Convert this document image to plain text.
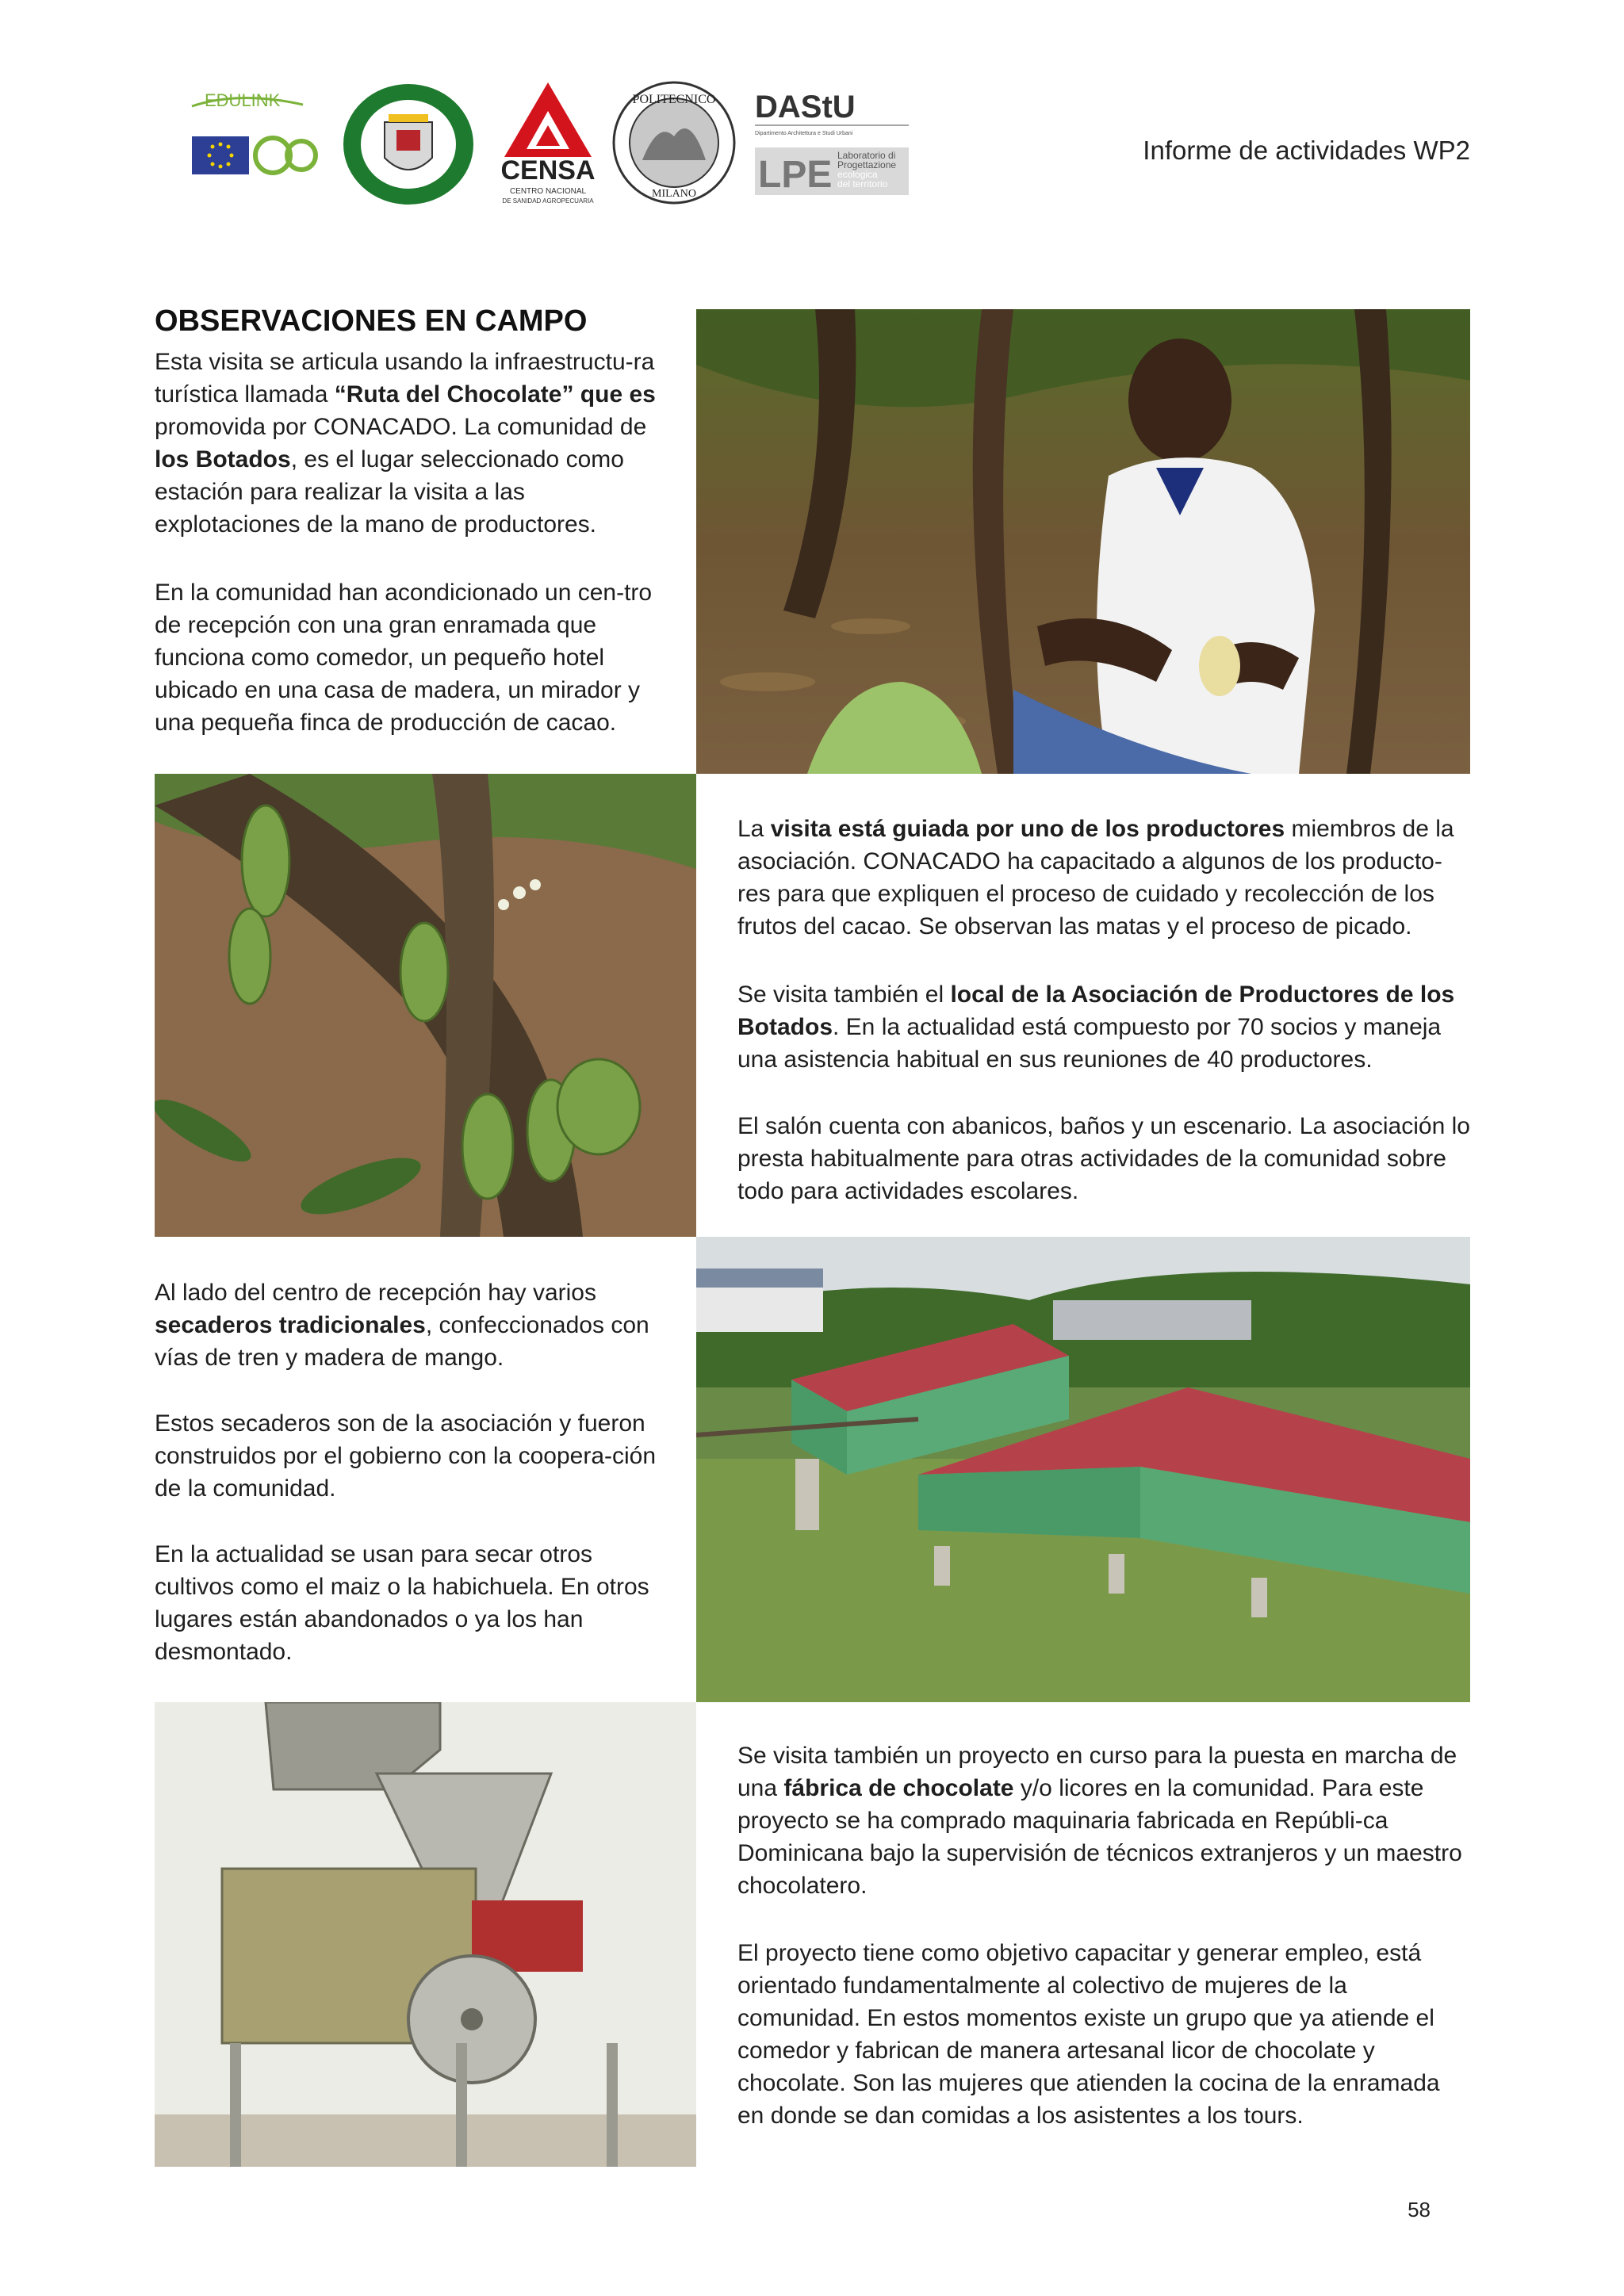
EDULINK
CENSA
CENTRO NACIONAL
DE SANIDAD AGROPECUARIA
POLITECNICO
MILANO
DAStU
Dipartimento Architettura e Studi Urbani
LPE Laboratorio di
Progettazione
ecologica
del territorio
Informe de actividades WP2
OBSERVACIONES EN CAMPO

Esta visita se articula usando la infraestructu-ra turística llamada “Ruta del Chocolate” que es promovida por CONACADO. La comunidad de los Botados, es el lugar seleccionado como estación para realizar la visita a las explotaciones de la mano de productores.

En la comunidad han acondicionado un cen-tro de recepción con una gran enramada que funciona como comedor, un pequeño hotel ubicado en una casa de madera, un mirador y una pequeña finca de producción de cacao.

La visita está guiada por uno de los productores miembros de la asociación. CONACADO ha capacitado a algunos de los producto-res para que expliquen el proceso de cuidado y recolección de los frutos del cacao. Se observan las matas y el proceso de picado.

Se visita también el local de la Asociación de Productores de los Botados. En la actualidad está compuesto por 70 socios y maneja una asistencia habitual en sus reuniones de 40 productores.

El salón cuenta con abanicos, baños y un escenario. La asociación lo presta habitualmente para otras actividades de la comunidad sobre todo para actividades escolares.

Al lado del centro de recepción hay varios secaderos tradicionales, confeccionados con vías de tren y madera de mango.

Estos secaderos son de la asociación y fueron construidos por el gobierno con la coopera-ción de la comunidad.

En la actualidad se usan para secar otros cultivos como el maiz o la habichuela. En otros lugares están abandonados o ya los han desmontado.

Se visita también un proyecto en curso para la puesta en marcha de una fábrica de chocolate y/o licores en la comunidad. Para este proyecto se ha comprado maquinaria fabricada en Repúbli-ca Dominicana bajo la supervisión de técnicos extranjeros y un maestro chocolatero.

El proyecto tiene como objetivo capacitar y generar empleo, está orientado fundamentalmente al colectivo de mujeres de la comunidad. En estos momentos existe un grupo que ya atiende el comedor y fabrican de manera artesanal licor de chocolate y chocolate. Son las mujeres que atienden la cocina de la enramada en donde se dan comidas a los asistentes a los tours.

58
